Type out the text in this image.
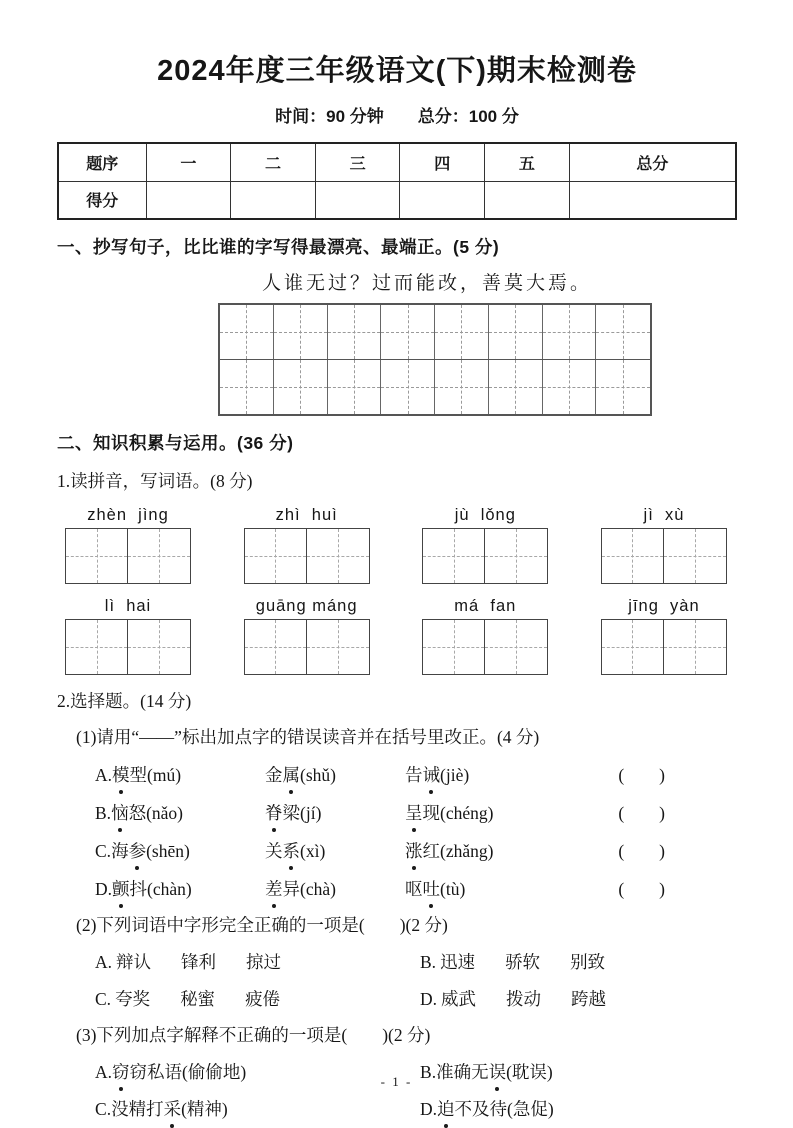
2024年度三年级语文(下)期末检测卷
时间：90 分钟　　总分：100 分
题序	一	二	三	四	五	总分
得分						
一、抄写句子，比比谁的字写得最漂亮、最端正。(5 分)
人谁无过？过而能改，善莫大焉。
二、知识积累与运用。(36 分)
1.读拼音，写词语。(8 分)
zhèn  jìng	zhì  huì	jù  lǒng	jì  xù
lì  hai	guāng máng	má  fan	jīng  yàn
2.选择题。(14 分)
(1)请用“——”标出加点字的错误读音并在括号里改正。(4 分)
A.模型(mú)	金属(shǔ)	告诫(jiè)	(　　)
B.恼怒(nǎo)	脊梁(jí)	呈现(chéng)	(　　)
C.海参(shēn)	关系(xì)	涨红(zhǎng)	(　　)
D.颤抖(chàn)	差异(chà)	呕吐(tù)	(　　)
(2)下列词语中字形完全正确的一项是(　　)(2 分)
A. 辩认 锋利 掠过	B. 迅速 骄软 别致
C. 夸奖 秘蜜 疲倦	D. 威武 拨动 跨越
(3)下列加点字解释不正确的一项是(　　)(2 分)
A.窃窃私语(偷偷地)	B.准确无误(耽误)
C.没精打采(精神)	D.迫不及待(急促)
- 1 -
